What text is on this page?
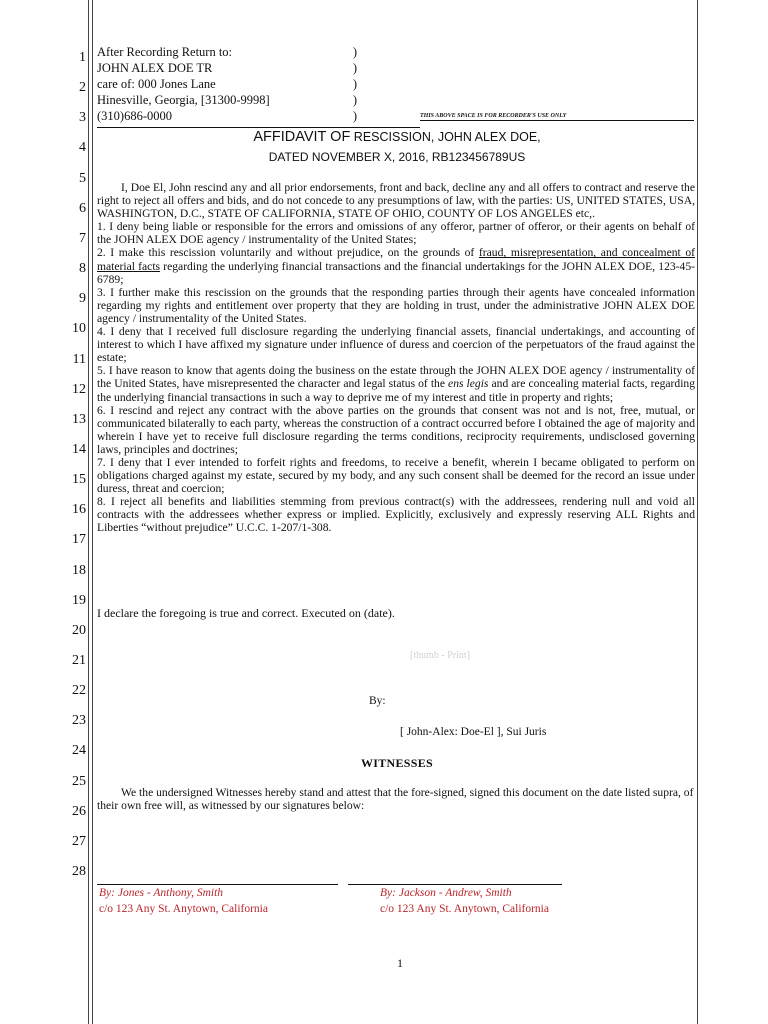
1
2
3
4
5
6
7
8
9
10
11
12
13
14
15
16
17
18
19
20
21
22
23
24
25
26
27
28
After Recording Return to:	)
JOHN ALEX DOE TR	)
care of: 000 Jones Lane	)
Hinesville, Georgia, [31300-9998]	)
(310)686-0000	)	THIS ABOVE SPACE IS FOR RECORDER'S USE ONLY
AFFIDAVIT OF RESCISSION, JOHN ALEX DOE,
DATED NOVEMBER X, 2016, RB123456789US

I, Doe El, John rescind any and all prior endorsements, front and back, decline any and all offers to contract and reserve the right to reject all offers and bids, and do not concede to any presumptions of law, with the parties: US, UNITED STATES, USA, WASHINGTON, D.C., STATE OF CALIFORNIA, STATE OF OHIO, COUNTY OF LOS ANGELES etc,.

1. I deny being liable or responsible for the errors and omissions of any offeror, partner of offeror, or their agents on behalf of the JOHN ALEX DOE agency / instrumentality of the United States;

2. I make this rescission voluntarily and without prejudice, on the grounds of fraud, misrepresentation, and concealment of material facts regarding the underlying financial transactions and the financial undertakings for the JOHN ALEX DOE, 123-45-6789;

3. I further make this rescission on the grounds that the responding parties through their agents have concealed information regarding my rights and entitlement over property that they are holding in trust, under the administrative JOHN ALEX DOE agency / instrumentality of the United States.

4. I deny that I received full disclosure regarding the underlying financial assets, financial undertakings, and accounting of interest to which I have affixed my signature under influence of duress and coercion of the perpetuators of the fraud against the estate;

5. I have reason to know that agents doing the business on the estate through the JOHN ALEX DOE agency / instrumentality of the United States, have misrepresented the character and legal status of the ens legis and are concealing material facts, regarding the underlying financial transactions in such a way to deprive me of my interest and title in property and rights;

6. I rescind and reject any contract with the above parties on the grounds that consent was not and is not, free, mutual, or communicated bilaterally to each party, whereas the construction of a contract occurred before I obtained the age of majority and wherein I have yet to receive full disclosure regarding the terms conditions, reciprocity requirements, undisclosed governing laws, principles and doctrines;

7. I deny that I ever intended to forfeit rights and freedoms, to receive a benefit, wherein I became obligated to perform on obligations charged against my estate, secured by my body, and any such consent shall be deemed for the record an issue under duress, threat and coercion;

8. I reject all benefits and liabilities stemming from previous contract(s) with the addressees, rendering null and void all contracts with the addressees whether express or implied. Explicitly, exclusively and expressly reserving ALL Rights and Liberties “without prejudice” U.C.C. 1-207/1-308.

I declare the foregoing is true and correct. Executed on (date).
[thumb - Print]
By:
[ John-Alex: Doe-El ], Sui Juris
WITNESSES
We the undersigned Witnesses hereby stand and attest that the fore-signed, signed this document on the date listed supra, of their own free will, as witnessed by our signatures below:
By: Jones - Anthony, Smith
c/o 123 Any St. Anytown, California
By: Jackson - Andrew, Smith
c/o 123 Any St. Anytown, California
1
